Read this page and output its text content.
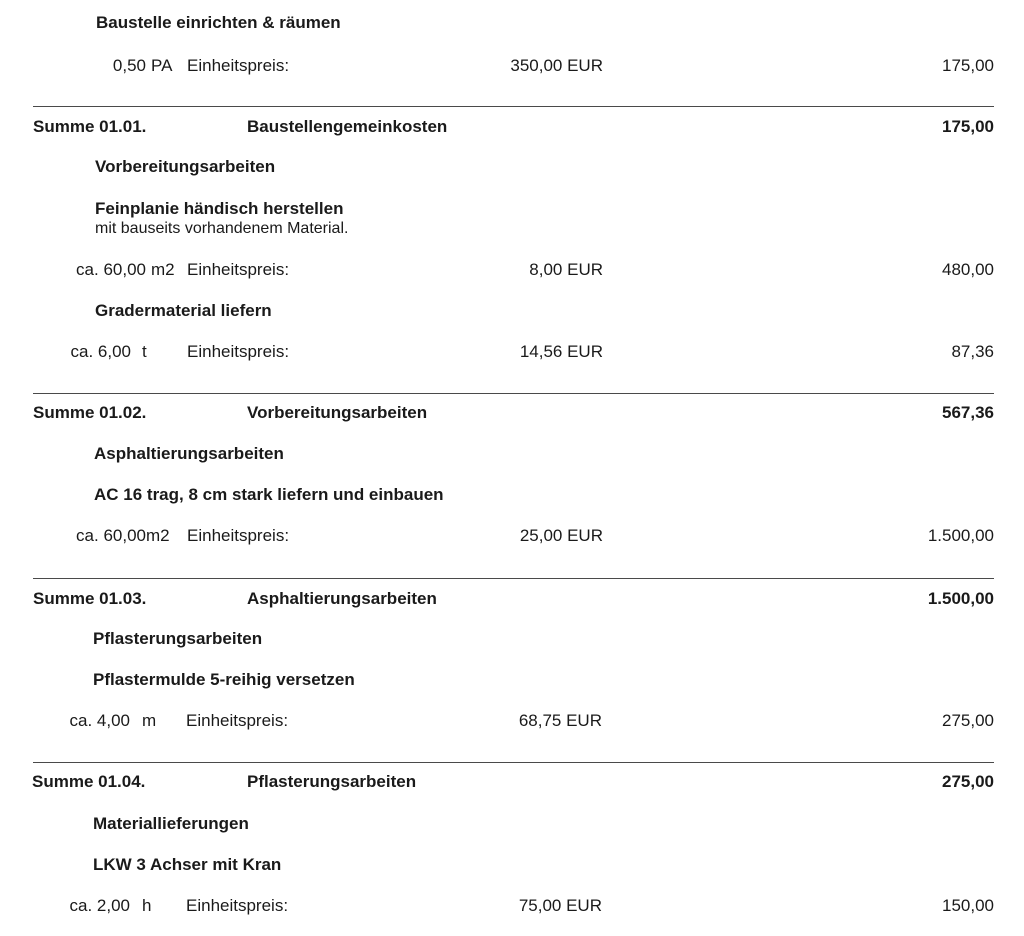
Baustelle einrichten & räumen
0,50 PA Einheitspreis:	350,00 EUR	175,00
Summe 01.01.	Baustellengemeinkosten	175,00
Vorbereitungsarbeiten
Feinplanie händisch herstellen
mit bauseits vorhandenem Material.
ca. 60,00 m2 Einheitspreis:	8,00 EUR	480,00
Gradermaterial liefern
ca. 6,00 t Einheitspreis:	14,56 EUR	87,36
Summe 01.02.	Vorbereitungsarbeiten	567,36
Asphaltierungsarbeiten
AC 16 trag, 8 cm stark liefern und einbauen
ca. 60,00 m2 Einheitspreis:	25,00 EUR	1.500,00
Summe 01.03.	Asphaltierungsarbeiten	1.500,00
Pflasterungsarbeiten
Pflastermulde 5-reihig versetzen
ca. 4,00 m Einheitspreis:	68,75 EUR	275,00
Summe 01.04.	Pflasterungsarbeiten	275,00
Materiallieferungen
LKW 3 Achser mit Kran
ca. 2,00 h Einheitspreis:	75,00 EUR	150,00
